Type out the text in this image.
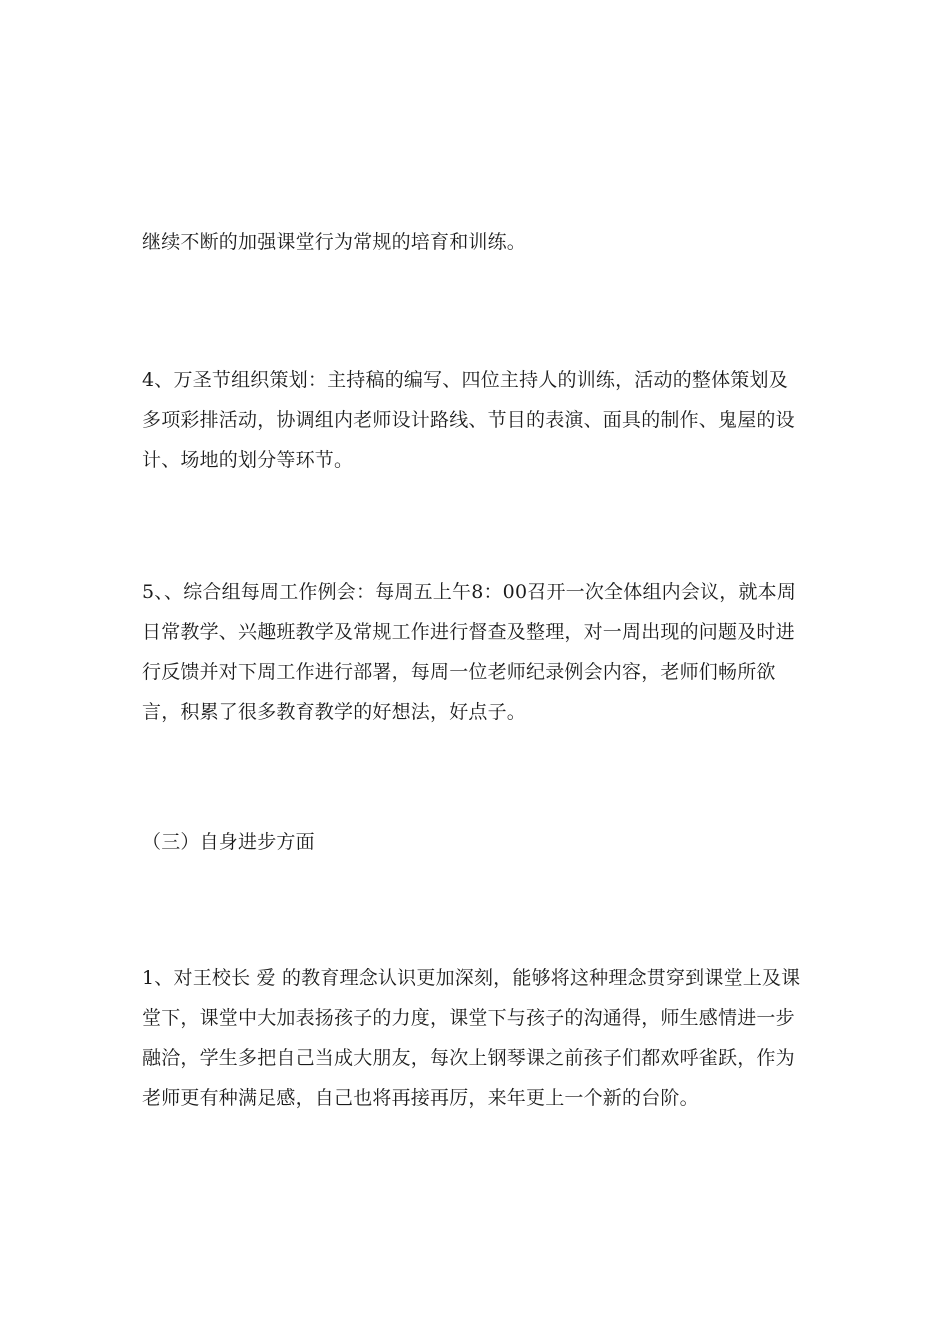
继续不断的加强课堂行为常规的培育和训练。

4、万圣节组织策划：主持稿的编写、四位主持人的训练，活动的整体策划及多项彩排活动，协调组内老师设计路线、节目的表演、面具的制作、鬼屋的设计、场地的划分等环节。

5、、综合组每周工作例会：每周五上午8：00召开一次全体组内会议，就本周日常教学、兴趣班教学及常规工作进行督查及整理，对一周出现的问题及时进行反馈并对下周工作进行部署，每周一位老师纪录例会内容，老师们畅所欲言，积累了很多教育教学的好想法，好点子。

（三）自身进步方面

1、对王校长 爱 的教育理念认识更加深刻，能够将这种理念贯穿到课堂上及课堂下，课堂中大加表扬孩子的力度，课堂下与孩子的沟通得，师生感情进一步融洽，学生多把自己当成大朋友，每次上钢琴课之前孩子们都欢呼雀跃，作为老师更有种满足感，自己也将再接再厉，来年更上一个新的台阶。
